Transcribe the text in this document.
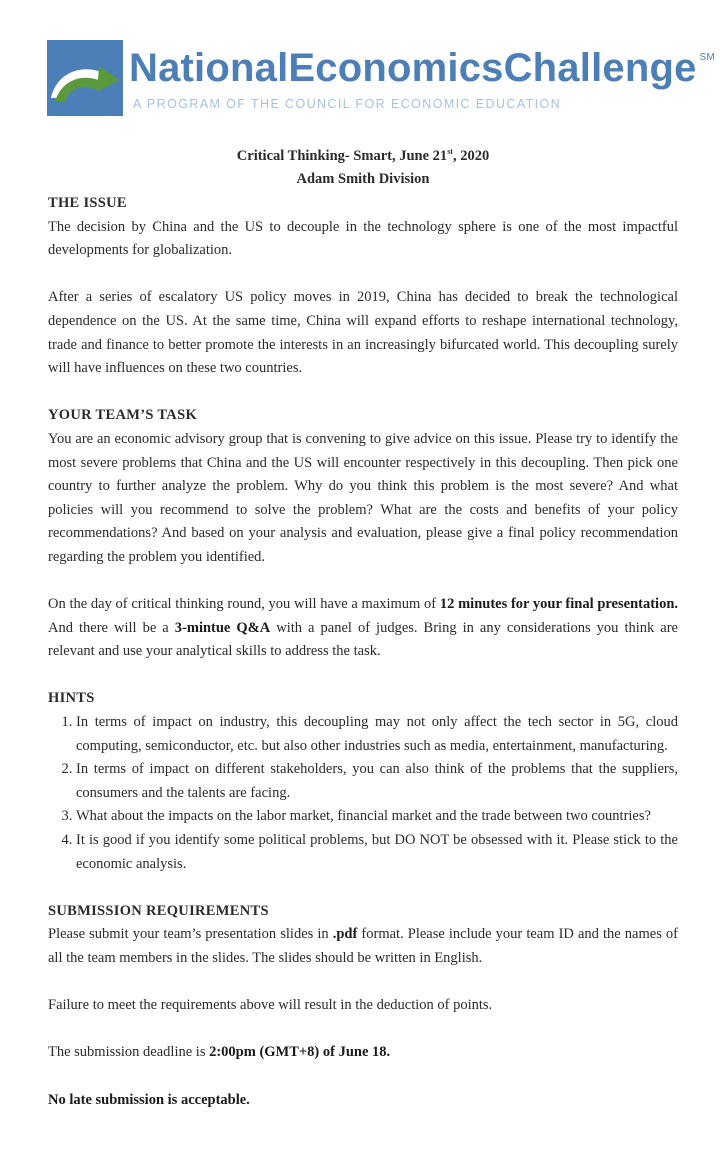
NationalEconomicsChallenge ℠
A PROGRAM OF THE COUNCIL FOR ECONOMIC EDUCATION
Critical Thinking- Smart, June 21st, 2020
Adam Smith Division
THE ISSUE

The decision by China and the US to decouple in the technology sphere is one of the most impactful developments for globalization.

After a series of escalatory US policy moves in 2019, China has decided to break the technological dependence on the US. At the same time, China will expand efforts to reshape international technology, trade and finance to better promote the interests in an increasingly bifurcated world. This decoupling surely will have influences on these two countries.

YOUR TEAM’S TASK

You are an economic advisory group that is convening to give advice on this issue. Please try to identify the most severe problems that China and the US will encounter respectively in this decoupling. Then pick one country to further analyze the problem. Why do you think this problem is the most severe? And what policies will you recommend to solve the problem? What are the costs and benefits of your policy recommendations? And based on your analysis and evaluation, please give a final policy recommendation regarding the problem you identified.

On the day of critical thinking round, you will have a maximum of 12 minutes for your final presentation. And there will be a 3-mintue Q&A with a panel of judges. Bring in any considerations you think are relevant and use your analytical skills to address the task.

HINTS
1. In terms of impact on industry, this decoupling may not only affect the tech sector in 5G, cloud computing, semiconductor, etc. but also other industries such as media, entertainment, manufacturing.
2. In terms of impact on different stakeholders, you can also think of the problems that the suppliers, consumers and the talents are facing.
3. What about the impacts on the labor market, financial market and the trade between two countries?
4. It is good if you identify some political problems, but DO NOT be obsessed with it. Please stick to the economic analysis.
SUBMISSION REQUIREMENTS

Please submit your team’s presentation slides in .pdf format. Please include your team ID and the names of all the team members in the slides. The slides should be written in English.

Failure to meet the requirements above will result in the deduction of points.

The submission deadline is 2:00pm (GMT+8) of June 18.

No late submission is acceptable.
